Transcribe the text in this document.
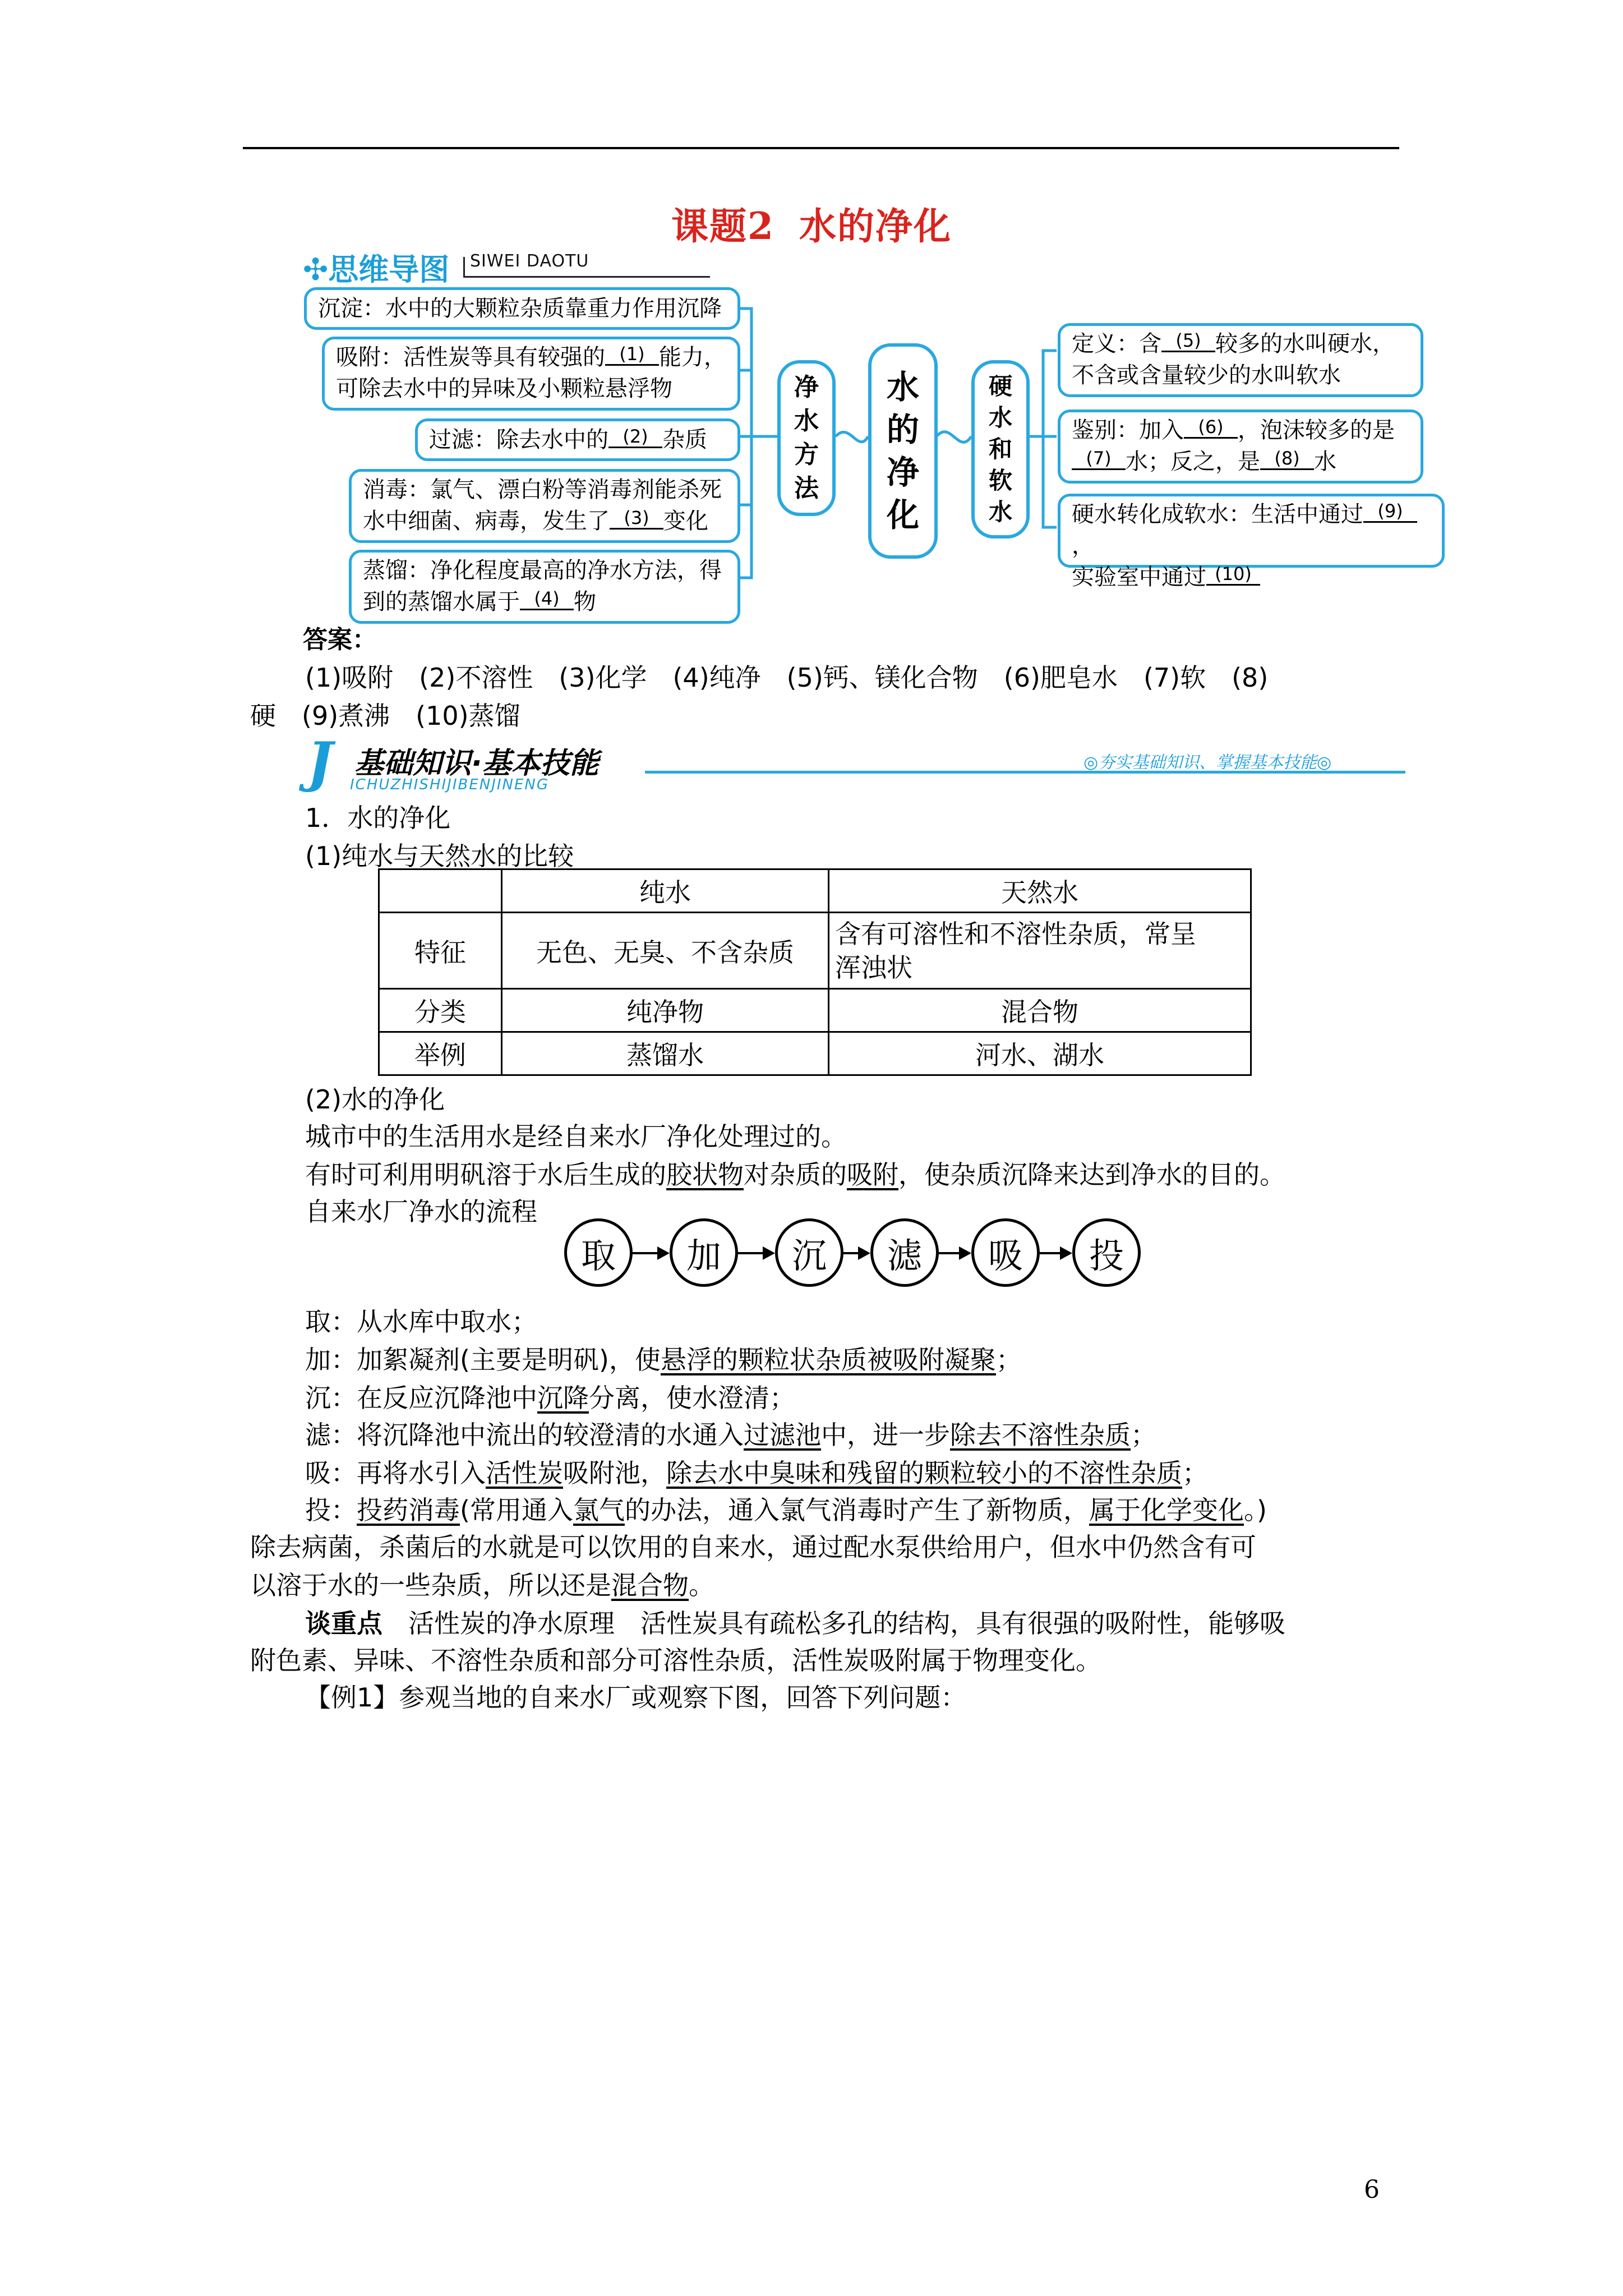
课题2 水的净化
✣思维导图 SIWEI DAOTU
沉淀：水中的大颗粒杂质靠重力作用沉降
吸附：活性炭等具有较强的 (1) 能力，
可除去水中的异味及小颗粒悬浮物
过滤：除去水中的 (2) 杂质
消毒：氯气、漂白粉等消毒剂能杀死
水中细菌、病毒，发生了 (3) 变化
蒸馏：净化程度最高的净水方法，得
到的蒸馏水属于 (4) 物
净
水
方
法
水
的
净
化
硬
水
和
软
水
定义：含 (5) 较多的水叫硬水，
不含或含量较少的水叫软水
鉴别：加入 (6) ，泡沫较多的是
(7) 水；反之，是 (8) 水
硬水转化成软水：生活中通过 (9)，
实验室中通过 (10)
答案：
(1)吸附　(2)不溶性　(3)化学　(4)纯净　(5)钙、镁化合物　(6)肥皂水　(7)软　(8)
硬　(9)煮沸　(10)蒸馏
J 基础知识·基本技能
ICHUZHISHIJIBENJINENG
◎夯实基础知识、掌握基本技能◎
1．水的净化
(1)纯水与天然水的比较
	纯水	天然水
特征	无色、无臭、不含杂质	含有可溶性和不溶性杂质，常呈
浑浊状
分类	纯净物	混合物
举例	蒸馏水	河水、湖水
(2)水的净化
城市中的生活用水是经自来水厂净化处理过的。
有时可利用明矾溶于水后生成的胶状物对杂质的吸附，使杂质沉降来达到净水的目的。
自来水厂净水的流程
取	加	沉	滤	吸	投
取：从水库中取水；
加：加絮凝剂(主要是明矾)，使悬浮的颗粒状杂质被吸附凝聚；
沉：在反应沉降池中沉降分离，使水澄清；
滤：将沉降池中流出的较澄清的水通入过滤池中，进一步除去不溶性杂质；
吸：再将水引入活性炭吸附池，除去水中臭味和残留的颗粒较小的不溶性杂质；
投：投药消毒(常用通入氯气的办法，通入氯气消毒时产生了新物质，属于化学变化。)
除去病菌，杀菌后的水就是可以饮用的自来水，通过配水泵供给用户，但水中仍然含有可
以溶于水的一些杂质，所以还是混合物。
谈重点　 活性炭的净水原理　活性炭具有疏松多孔的结构，具有很强的吸附性，能够吸
附色素、异味、不溶性杂质和部分可溶性杂质，活性炭吸附属于物理变化。
【例1】参观当地的自来水厂或观察下图，回答下列问题：
6
